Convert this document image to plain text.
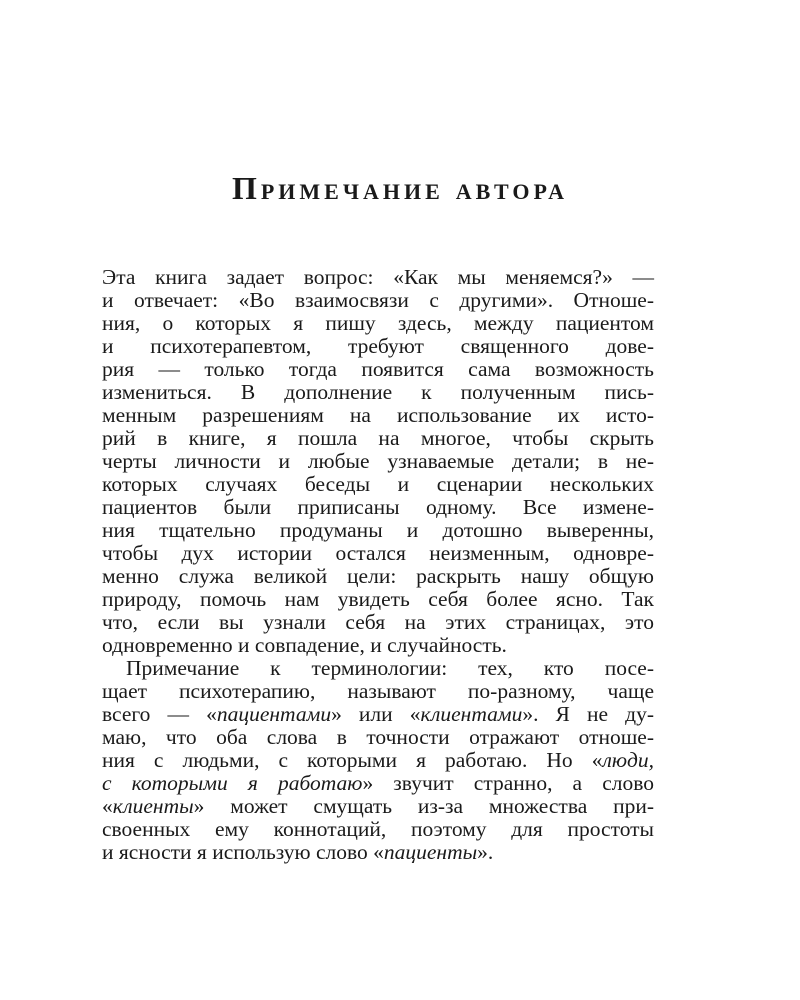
Примечание автора

Эта книга задает вопрос: «Как мы меняемся?» —
и отвечает: «Во взаимосвязи с другими». Отноше-
ния, о которых я пишу здесь, между пациентом
и психотерапевтом, требуют священного дове-
рия — только тогда появится сама возможность
измениться. В дополнение к полученным пись-
менным разрешениям на использование их исто-
рий в книге, я пошла на многое, чтобы скрыть
черты личности и любые узнаваемые детали; в не-
которых случаях беседы и сценарии нескольких
пациентов были приписаны одному. Все измене-
ния тщательно продуманы и дотошно выверенны,
чтобы дух истории остался неизменным, одновре-
менно служа великой цели: раскрыть нашу общую
природу, помочь нам увидеть себя более ясно. Так
что, если вы узнали себя на этих страницах, это
одновременно и совпадение, и случайность.

Примечание к терминологии: тех, кто посе-
щает психотерапию, называют по-разному, чаще
всего — «пациентами» или «клиентами». Я не ду-
маю, что оба слова в точности отражают отноше-
ния с людьми, с которыми я работаю. Но «люди,
с которыми я работаю» звучит странно, а слово
«клиенты» может смущать из-за множества при-
своенных ему коннотаций, поэтому для простоты
и ясности я использую слово «пациенты».
